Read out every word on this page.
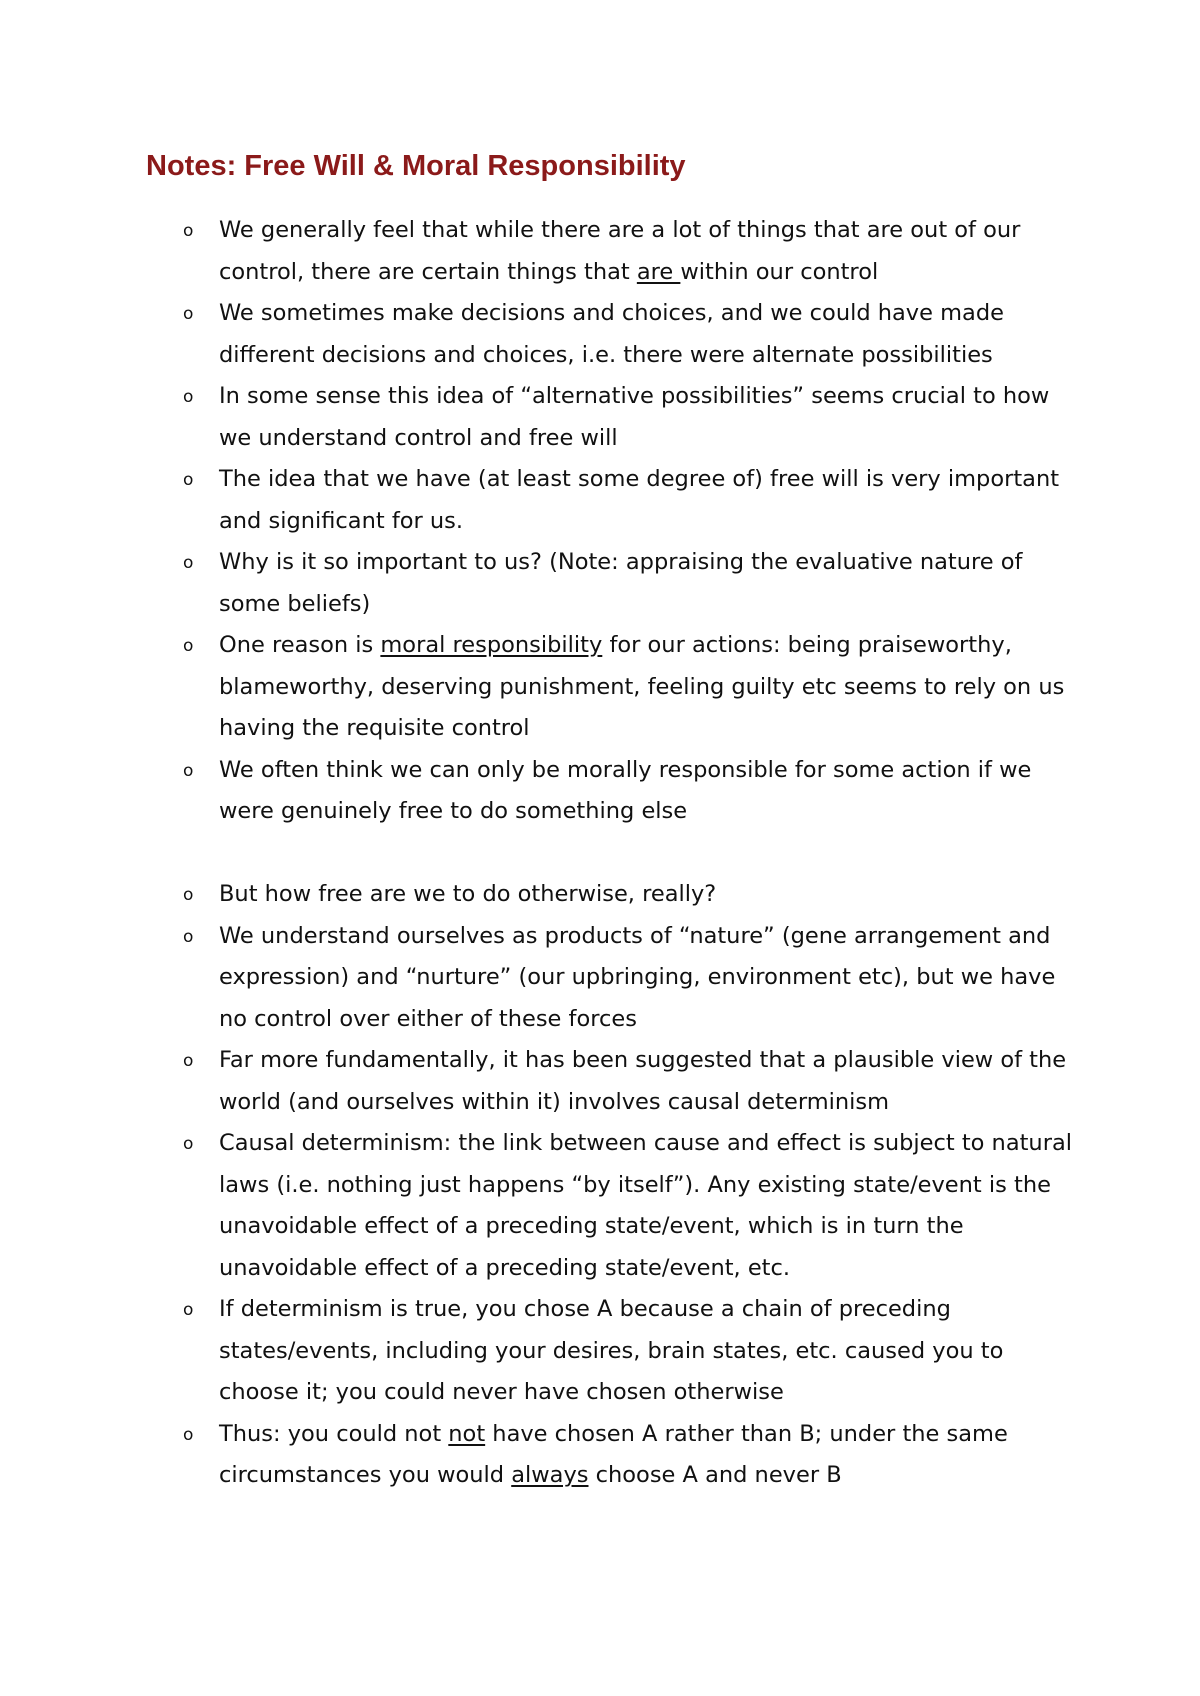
Notes: Free Will & Moral Responsibility
o We generally feel that while there are a lot of things that are out of our control, there are certain things that are within our control
o We sometimes make decisions and choices, and we could have made different decisions and choices, i.e. there were alternate possibilities
o In some sense this idea of “alternative possibilities” seems crucial to how we understand control and free will
o The idea that we have (at least some degree of) free will is very important and significant for us.
o Why is it so important to us? (Note: appraising the evaluative nature of some beliefs)
o One reason is moral responsibility for our actions: being praiseworthy, blameworthy, deserving punishment, feeling guilty etc seems to rely on us having the requisite control
o We often think we can only be morally responsible for some action if we were genuinely free to do something else
o But how free are we to do otherwise, really?
o We understand ourselves as products of “nature” (gene arrangement and expression) and “nurture” (our upbringing, environment etc), but we have no control over either of these forces
o Far more fundamentally, it has been suggested that a plausible view of the world (and ourselves within it) involves causal determinism
o Causal determinism: the link between cause and effect is subject to natural laws (i.e. nothing just happens “by itself”). Any existing state/event is the unavoidable effect of a preceding state/event, which is in turn the unavoidable effect of a preceding state/event, etc.
o If determinism is true, you chose A because a chain of preceding states/events, including your desires, brain states, etc. caused you to choose it; you could never have chosen otherwise
o Thus: you could not not have chosen A rather than B; under the same circumstances you would always choose A and never B
